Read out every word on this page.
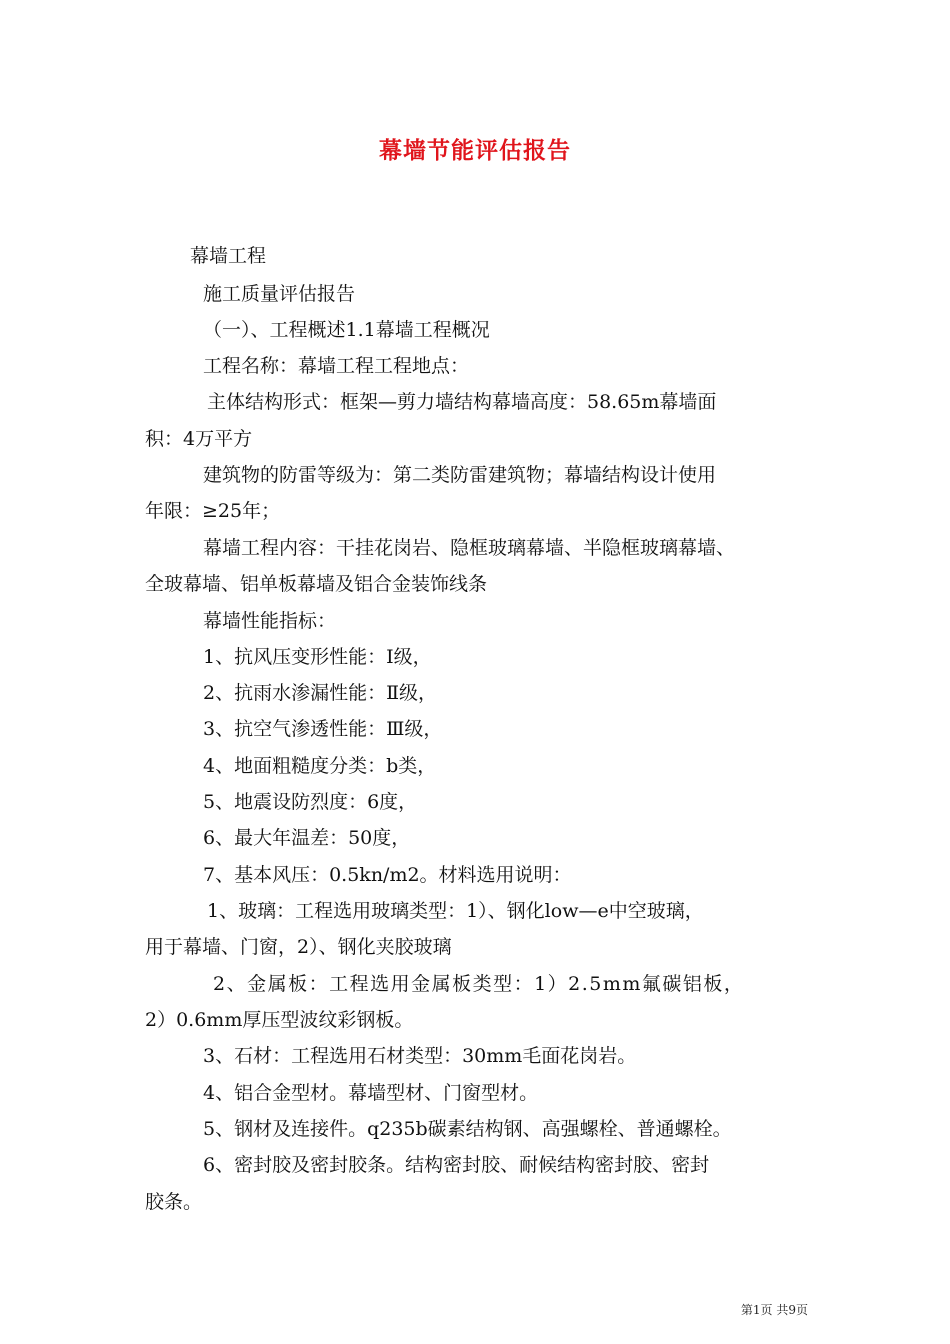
幕墙节能评估报告
幕墙工程
施工质量评估报告
（一）、工程概述1.1幕墙工程概况
工程名称：幕墙工程工程地点：
主体结构形式：框架—剪力墙结构幕墙高度：58.65m幕墙面
积：4万平方
建筑物的防雷等级为：第二类防雷建筑物；幕墙结构设计使用
年限：≥25年；
幕墙工程内容：干挂花岗岩、隐框玻璃幕墙、半隐框玻璃幕墙、
全玻幕墙、铝单板幕墙及铝合金装饰线条
幕墙性能指标：
1、抗风压变形性能：Ⅰ级，
2、抗雨水渗漏性能：Ⅱ级，
3、抗空气渗透性能：Ⅲ级，
4、地面粗糙度分类：b类，
5、地震设防烈度：6度，
6、最大年温差：50度，
7、基本风压：0.5kn/m2。材料选用说明：
1、玻璃：工程选用玻璃类型：1）、钢化low—e中空玻璃，
用于幕墙、门窗，2）、钢化夹胶玻璃
2、金属板：工程选用金属板类型：1）2.5mm氟碳铝板，
2）0.6mm厚压型波纹彩钢板。
3、石材：工程选用石材类型：30mm毛面花岗岩。
4、铝合金型材。幕墙型材、门窗型材。
5、钢材及连接件。q235b碳素结构钢、高强螺栓、普通螺栓。
6、密封胶及密封胶条。结构密封胶、耐候结构密封胶、密封
胶条。
第1页 共9页
